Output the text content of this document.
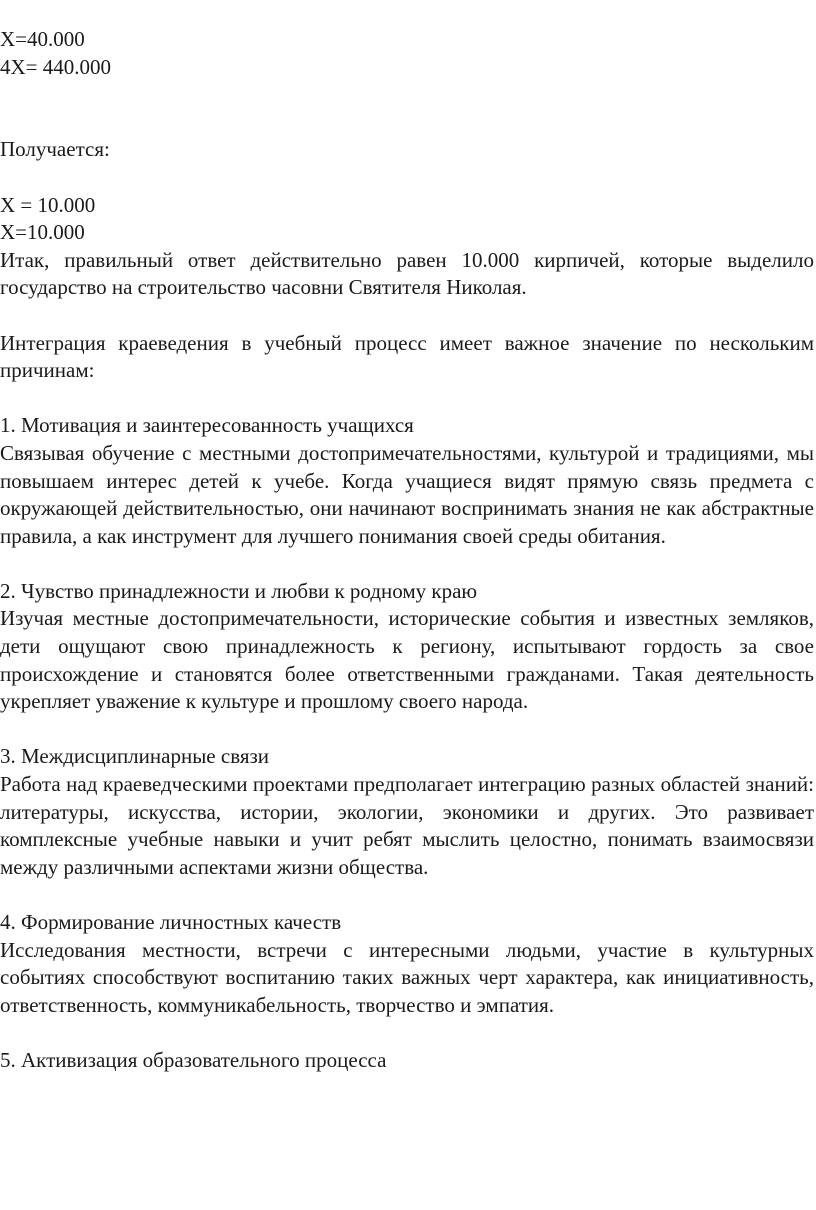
Х=40.000
4Х= 440.000
Получается:
Х = 10.000
Х=10.000

Итак, правильный ответ действительно равен 10.000 кирпичей, которые выделило государство на строительство часовни Святителя Николая.

Интеграция краеведения в учебный процесс имеет важное значение по нескольким причинам:

1. Мотивация и заинтересованность учащихся

Связывая обучение с местными достопримечательностями, культурой и традициями, мы повышаем интерес детей к учебе. Когда учащиеся видят прямую связь предмета с окружающей действительностью, они начинают воспринимать знания не как абстрактные правила, а как инструмент для лучшего понимания своей среды обитания.

2. Чувство принадлежности и любви к родному краю

Изучая местные достопримечательности, исторические события и известных земляков, дети ощущают свою принадлежность к региону, испытывают гордость за свое происхождение и становятся более ответственными гражданами. Такая деятельность укрепляет уважение к культуре и прошлому своего народа.

3. Междисциплинарные связи

Работа над краеведческими проектами предполагает интеграцию разных областей знаний: литературы, искусства, истории, экологии, экономики и других. Это развивает комплексные учебные навыки и учит ребят мыслить целостно, понимать взаимосвязи между различными аспектами жизни общества.

4. Формирование личностных качеств

Исследования местности, встречи с интересными людьми, участие в культурных событиях способствуют воспитанию таких важных черт характера, как инициативность, ответственность, коммуникабельность, творчество и эмпатия.

5. Активизация образовательного процесса
